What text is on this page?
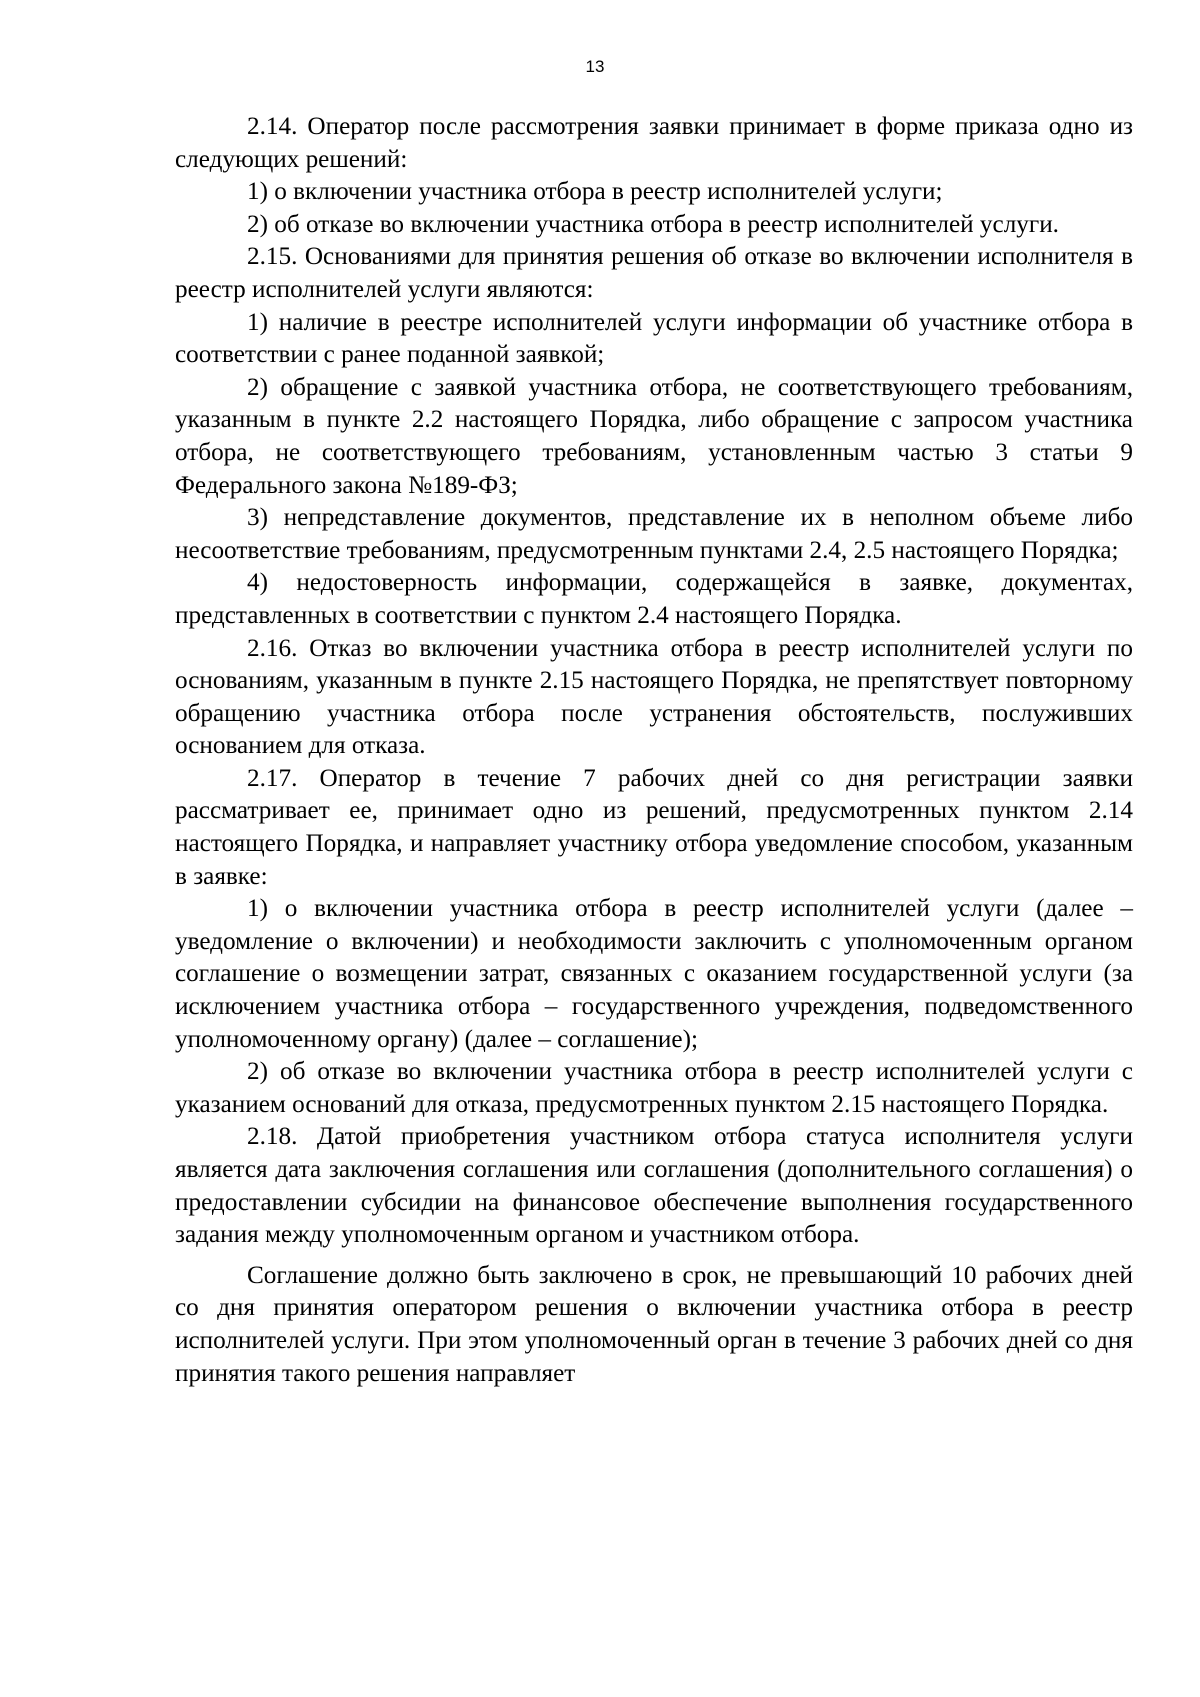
13

2.14. Оператор после рассмотрения заявки принимает в форме приказа одно из следующих решений:

1) о включении участника отбора в реестр исполнителей услуги;

2) об отказе во включении участника отбора в реестр исполнителей услуги.

2.15. Основаниями для принятия решения об отказе во включении исполнителя в реестр исполнителей услуги являются:

1) наличие в реестре исполнителей услуги информации об участнике отбора в соответствии с ранее поданной заявкой;

2) обращение с заявкой участника отбора, не соответствующего требованиям, указанным в пункте 2.2 настоящего Порядка, либо обращение с запросом участника отбора, не соответствующего требованиям, установленным частью 3 статьи 9 Федерального закона №189-ФЗ;

3) непредставление документов, представление их в неполном объеме либо несоответствие требованиям, предусмотренным пунктами 2.4, 2.5 настоящего Порядка;

4) недостоверность информации, содержащейся в заявке, документах, представленных в соответствии с пунктом 2.4 настоящего Порядка.

2.16. Отказ во включении участника отбора в реестр исполнителей услуги по основаниям, указанным в пункте 2.15 настоящего Порядка, не препятствует повторному обращению участника отбора после устранения обстоятельств, послуживших основанием для отказа.

2.17. Оператор в течение 7 рабочих дней со дня регистрации заявки рассматривает ее, принимает одно из решений, предусмотренных пунктом 2.14 настоящего Порядка, и направляет участнику отбора уведомление способом, указанным в заявке:

1) о включении участника отбора в реестр исполнителей услуги (далее – уведомление о включении) и необходимости заключить с уполномоченным органом соглашение о возмещении затрат, связанных с оказанием государственной услуги (за исключением участника отбора – государственного учреждения, подведомственного уполномоченному органу) (далее – соглашение);

2) об отказе во включении участника отбора в реестр исполнителей услуги с указанием оснований для отказа, предусмотренных пунктом 2.15 настоящего Порядка.

2.18. Датой приобретения участником отбора статуса исполнителя услуги является дата заключения соглашения или соглашения (дополнительного соглашения) о предоставлении субсидии на финансовое обеспечение выполнения государственного задания между уполномоченным органом и участником отбора.

Соглашение должно быть заключено в срок, не превышающий 10 рабочих дней со дня принятия оператором решения о включении участника отбора в реестр исполнителей услуги. При этом уполномоченный орган в течение 3 рабочих дней со дня принятия такого решения направляет
